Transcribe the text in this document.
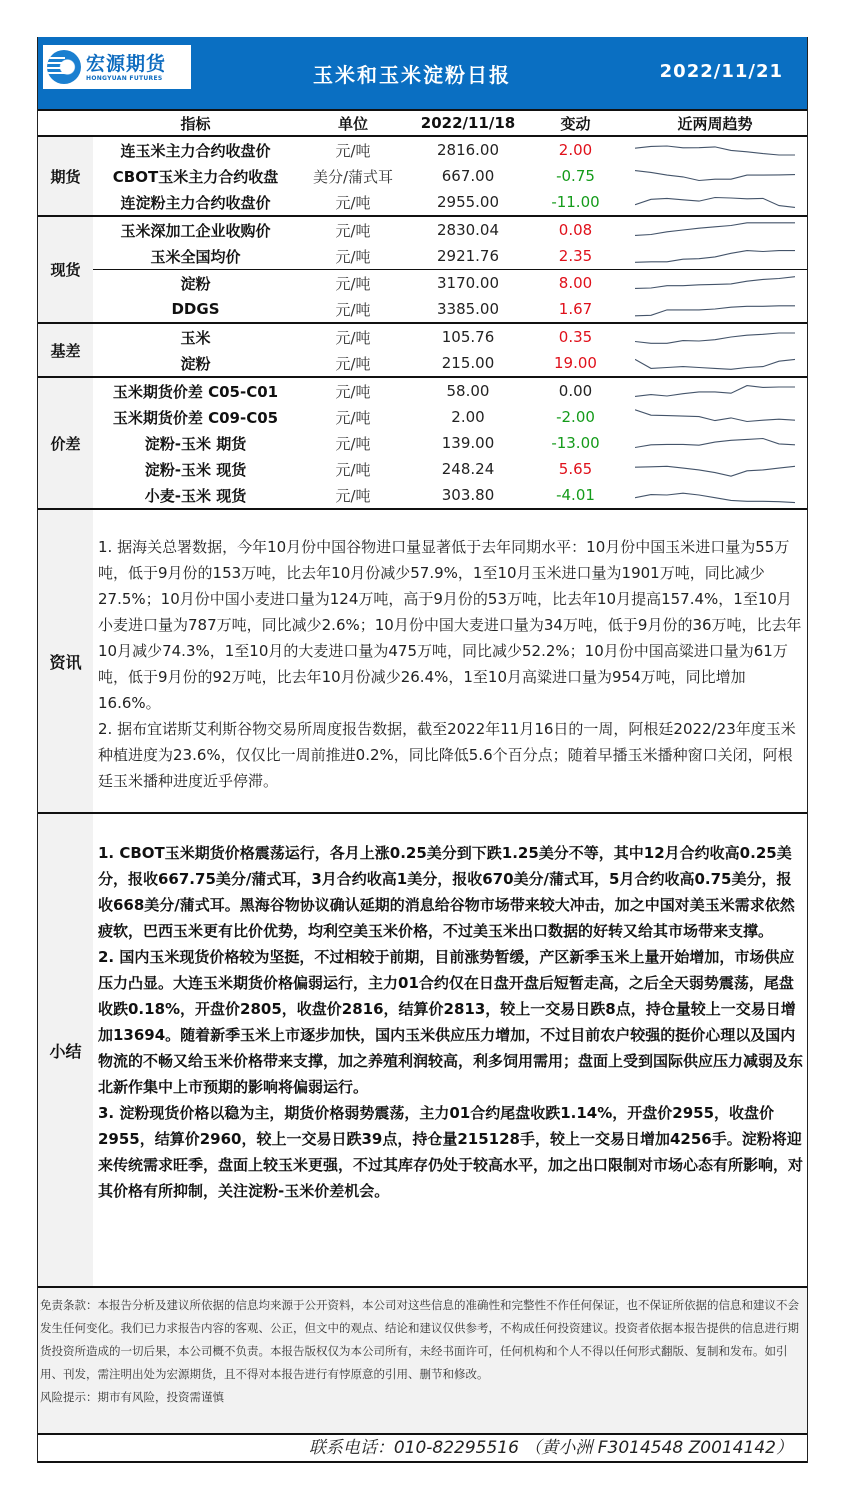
宏源期货
HONGYUAN FUTURES	玉米和玉米淀粉日报	2022/11/21
	指标	单位	2022/11/18	变动	近两周趋势
期货	连玉米主力合约收盘价	元/吨	2816.00	2.00	

	CBOT玉米主力合约收盘	美分/蒲式耳	667.00	-0.75	

	连淀粉主力合约收盘价	元/吨	2955.00	-11.00	

现货	玉米深加工企业收购价	元/吨	2830.04	0.08	

	玉米全国均价	元/吨	2921.76	2.35	

	淀粉	元/吨	3170.00	8.00	

	DDGS	元/吨	3385.00	1.67	

基差	玉米	元/吨	105.76	0.35	

	淀粉	元/吨	215.00	19.00	

价差	玉米期货价差 C05-C01	元/吨	58.00	0.00	

	玉米期货价差 C09-C05	元/吨	2.00	-2.00	

	淀粉-玉米 期货	元/吨	139.00	-13.00	

	淀粉-玉米 现货	元/吨	248.24	5.65	

	小麦-玉米 现货	元/吨	303.80	-4.01	
资讯

1. 据海关总署数据，今年10月份中国谷物进口量显著低于去年同期水平：10月份中国玉米进口量为55万吨，低于9月份的153万吨，比去年10月份减少57.9%，1至10月玉米进口量为1901万吨，同比减少27.5%；10月份中国小麦进口量为124万吨，高于9月份的53万吨，比去年10月提高157.4%，1至10月小麦进口量为787万吨，同比减少2.6%；10月份中国大麦进口量为34万吨，低于9月份的36万吨，比去年10月减少74.3%，1至10月的大麦进口量为475万吨，同比减少52.2%；10月份中国高粱进口量为61万吨，低于9月份的92万吨，比去年10月份减少26.4%，1至10月高粱进口量为954万吨，同比增加16.6%。

2. 据布宜诺斯艾利斯谷物交易所周度报告数据，截至2022年11月16日的一周，阿根廷2022/23年度玉米种植进度为23.6%，仅仅比一周前推进0.2%，同比降低5.6个百分点；随着早播玉米播种窗口关闭，阿根廷玉米播种进度近乎停滞。

小结

1. CBOT玉米期货价格震荡运行，各月上涨0.25美分到下跌1.25美分不等，其中12月合约收高0.25美分，报收667.75美分/蒲式耳，3月合约收高1美分，报收670美分/蒲式耳，5月合约收高0.75美分，报收668美分/蒲式耳。黑海谷物协议确认延期的消息给谷物市场带来较大冲击，加之中国对美玉米需求依然疲软，巴西玉米更有比价优势，均利空美玉米价格，不过美玉米出口数据的好转又给其市场带来支撑。

2. 国内玉米现货价格较为坚挺，不过相较于前期，目前涨势暂缓，产区新季玉米上量开始增加，市场供应压力凸显。大连玉米期货价格偏弱运行，主力01合约仅在日盘开盘后短暂走高，之后全天弱势震荡，尾盘收跌0.18%，开盘价2805，收盘价2816，结算价2813，较上一交易日跌8点，持仓量较上一交易日增加13694。随着新季玉米上市逐步加快，国内玉米供应压力增加，不过目前农户较强的挺价心理以及国内物流的不畅又给玉米价格带来支撑，加之养殖利润较高，利多饲用需用；盘面上受到国际供应压力减弱及东北新作集中上市预期的影响将偏弱运行。

3. 淀粉现货价格以稳为主，期货价格弱势震荡，主力01合约尾盘收跌1.14%，开盘价2955，收盘价2955，结算价2960，较上一交易日跌39点，持仓量215128手，较上一交易日增加4256手。淀粉将迎来传统需求旺季，盘面上较玉米更强，不过其库存仍处于较高水平，加之出口限制对市场心态有所影响，对其价格有所抑制，关注淀粉-玉米价差机会。

免责条款：本报告分析及建议所依据的信息均来源于公开资料，本公司对这些信息的准确性和完整性不作任何保证，也不保证所依据的信息和建议不会发生任何变化。我们已力求报告内容的客观、公正，但文中的观点、结论和建议仅供参考，不构成任何投资建议。投资者依据本报告提供的信息进行期货投资所造成的一切后果，本公司概不负责。本报告版权仅为本公司所有，未经书面许可，任何机构和个人不得以任何形式翻版、复制和发布。如引用、刊发，需注明出处为宏源期货，且不得对本报告进行有悖原意的引用、删节和修改。

风险提示：期市有风险，投资需谨慎

联系电话：010-82295516 （黄小洲 F3014548 Z0014142）
